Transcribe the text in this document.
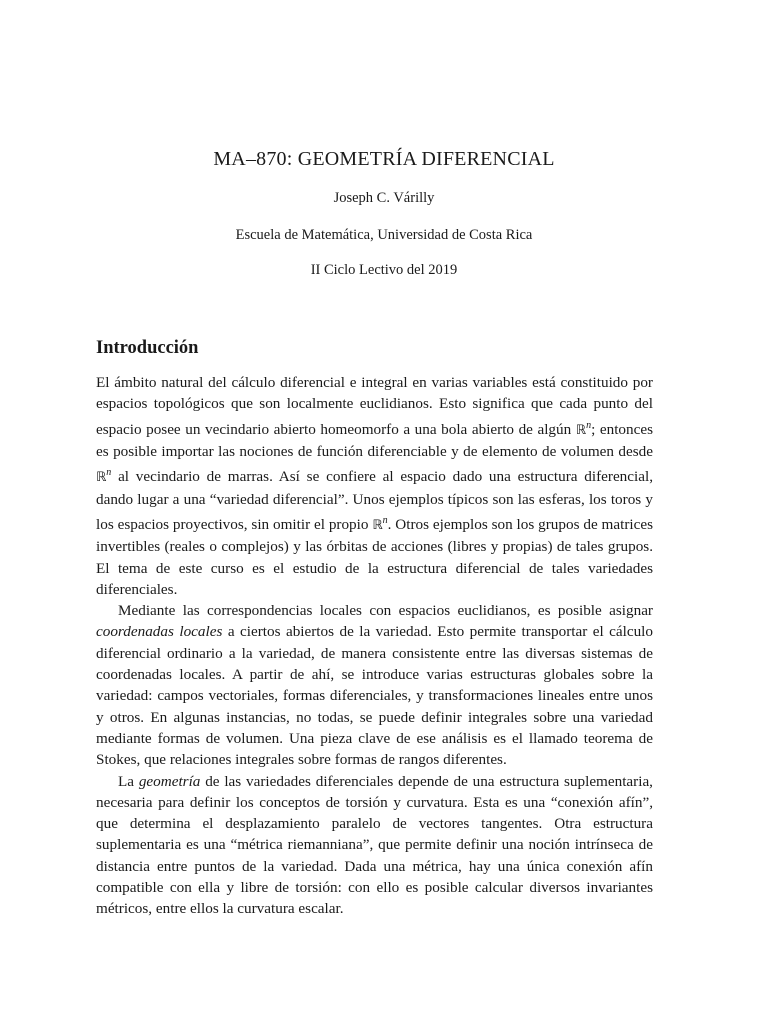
MA–870: GEOMETRÍA DIFERENCIAL

Joseph C. Várilly

Escuela de Matemática, Universidad de Costa Rica

II Ciclo Lectivo del 2019

Introducción

El ámbito natural del cálculo diferencial e integral en varias variables está constituido por espacios topológicos que son localmente euclidianos. Esto significa que cada punto del espacio posee un vecindario abierto homeomorfo a una bola abierto de algún ℝ$^n$; entonces es posible importar las nociones de función diferenciable y de elemento de volumen desde ℝ$^n$ al vecindario de marras. Así se confiere al espacio dado una estructura diferencial, dando lugar a una “variedad diferencial”. Unos ejemplos típicos son las esferas, los toros y los espacios proyectivos, sin omitir el propio ℝ$^n$. Otros ejemplos son los grupos de matrices invertibles (reales o complejos) y las órbitas de acciones (libres y propias) de tales grupos. El tema de este curso es el estudio de la estructura diferencial de tales variedades diferenciales.

Mediante las correspondencias locales con espacios euclidianos, es posible asignar coordenadas locales a ciertos abiertos de la variedad. Esto permite transportar el cálculo diferencial ordinario a la variedad, de manera consistente entre las diversas sistemas de coordenadas locales. A partir de ahí, se introduce varias estructuras globales sobre la variedad: campos vectoriales, formas diferenciales, y transformaciones lineales entre unos y otros. En algunas instancias, no todas, se puede definir integrales sobre una variedad mediante formas de volumen. Una pieza clave de ese análisis es el llamado teorema de Stokes, que relaciones integrales sobre formas de rangos diferentes.

La geometría de las variedades diferenciales depende de una estructura suplementaria, necesaria para definir los conceptos de torsión y curvatura. Esta es una “conexión afín”, que determina el desplazamiento paralelo de vectores tangentes. Otra estructura suplementaria es una “métrica riemanniana”, que permite definir una noción intrínseca de distancia entre puntos de la variedad. Dada una métrica, hay una única conexión afín compatible con ella y libre de torsión: con ello es posible calcular diversos invariantes métricos, entre ellos la curvatura escalar.
